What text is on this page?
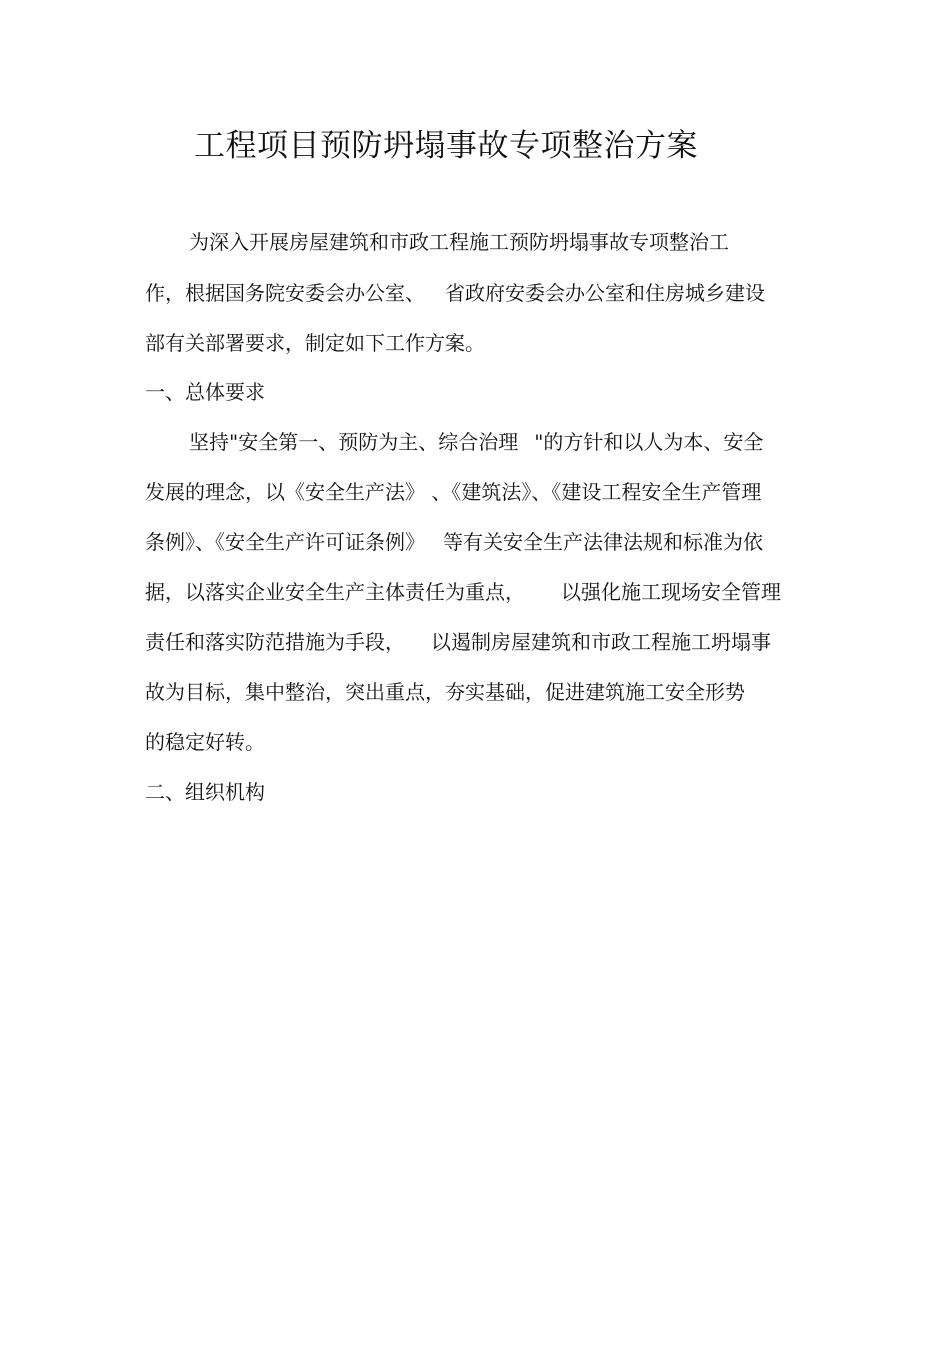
工程项目预防坍塌事故专项整治方案

为深入开展房屋建筑和市政工程施工预防坍塌事故专项整治工

作，根据国务院安委会办公室、 省政府安委会办公室和住房城乡建设

部有关部署要求，制定如下工作方案。

一、总体要求

坚持"安全第一、预防为主、综合治理 "的方针和以人为本、安全

发展的理念，以《安全生产法》 、《建筑法》、《建设工程安全生产管理

条例》、《安全生产许可证条例》 等有关安全生产法律法规和标准为依

据，以落实企业安全生产主体责任为重点， 以强化施工现场安全管理

责任和落实防范措施为手段， 以遏制房屋建筑和市政工程施工坍塌事

故为目标，集中整治，突出重点，夯实基础，促进建筑施工安全形势

的稳定好转。

二、组织机构
